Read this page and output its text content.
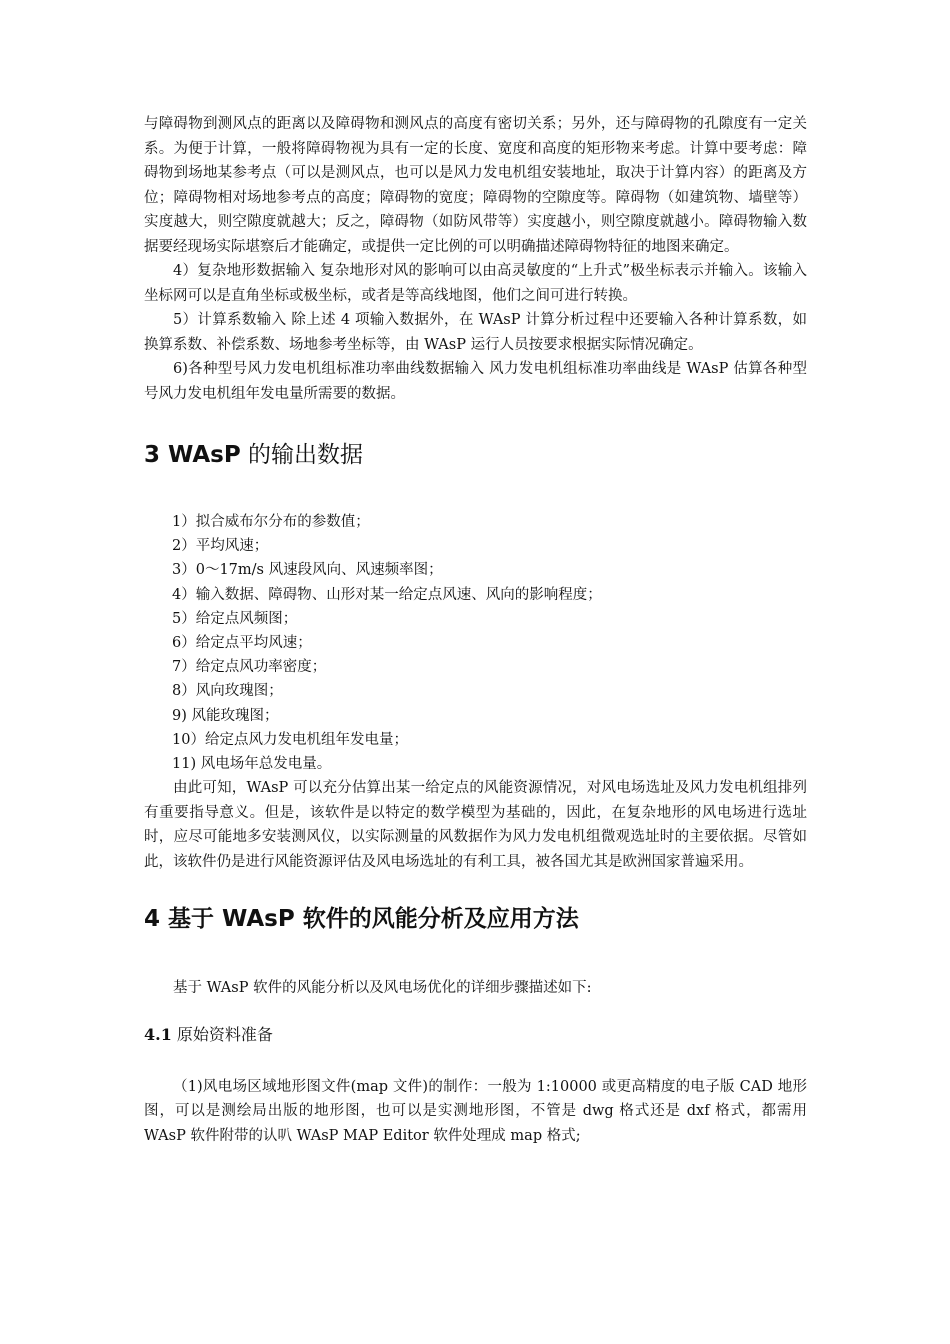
与障碍物到测风点的距离以及障碍物和测风点的高度有密切关系；另外，还与障碍物的孔隙度有一定关系。为便于计算，一般将障碍物视为具有一定的长度、宽度和高度的矩形物来考虑。计算中要考虑：障碍物到场地某参考点（可以是测风点，也可以是风力发电机组安装地址，取决于计算内容）的距离及方位；障碍物相对场地参考点的高度；障碍物的宽度；障碍物的空隙度等。障碍物（如建筑物、墙壁等）实度越大，则空隙度就越大；反之，障碍物（如防风带等）实度越小，则空隙度就越小。障碍物输入数据要经现场实际堪察后才能确定，或提供一定比例的可以明确描述障碍物特征的地图来确定。

4）复杂地形数据输入 复杂地形对风的影响可以由高灵敏度的“上升式”极坐标表示并输入。该输入坐标网可以是直角坐标或极坐标，或者是等高线地图，他们之间可进行转换。

5）计算系数输入 除上述 4 项输入数据外，在 WAsP 计算分析过程中还要输入各种计算系数，如换算系数、补偿系数、场地参考坐标等，由 WAsP 运行人员按要求根据实际情况确定。

6)各种型号风力发电机组标准功率曲线数据输入 风力发电机组标准功率曲线是 WAsP 估算各种型号风力发电机组年发电量所需要的数据。

3 WAsP 的输出数据
1）拟合威布尔分布的参数值；
2）平均风速；
3）0～17m/s 风速段风向、风速频率图；
4）输入数据、障碍物、山形对某一给定点风速、风向的影响程度；
5）给定点风频图；
6）给定点平均风速；
7）给定点风功率密度；
8）风向玫瑰图；
9) 风能玫瑰图；
10）给定点风力发电机组年发电量；
11) 风电场年总发电量。

由此可知，WAsP 可以充分估算出某一给定点的风能资源情况，对风电场选址及风力发电机组排列有重要指导意义。但是，该软件是以特定的数学模型为基础的，因此，在复杂地形的风电场进行选址时，应尽可能地多安装测风仪，以实际测量的风数据作为风力发电机组微观选址时的主要依据。尽管如此，该软件仍是进行风能资源评估及风电场选址的有利工具，被各国尤其是欧洲国家普遍采用。

4 基于 WAsP 软件的风能分析及应用方法

基于 WAsP 软件的风能分析以及风电场优化的详细步骤描述如下:

4.1 原始资料准备

（1)风电场区域地形图文件(map 文件)的制作：一般为 1:10000 或更高精度的电子版 CAD 地形图，可以是测绘局出版的地形图，也可以是实测地形图，不管是 dwg 格式还是 dxf 格式，都需用 WAsP 软件附带的认叭 WAsP MAP Editor 软件处理成 map 格式;
